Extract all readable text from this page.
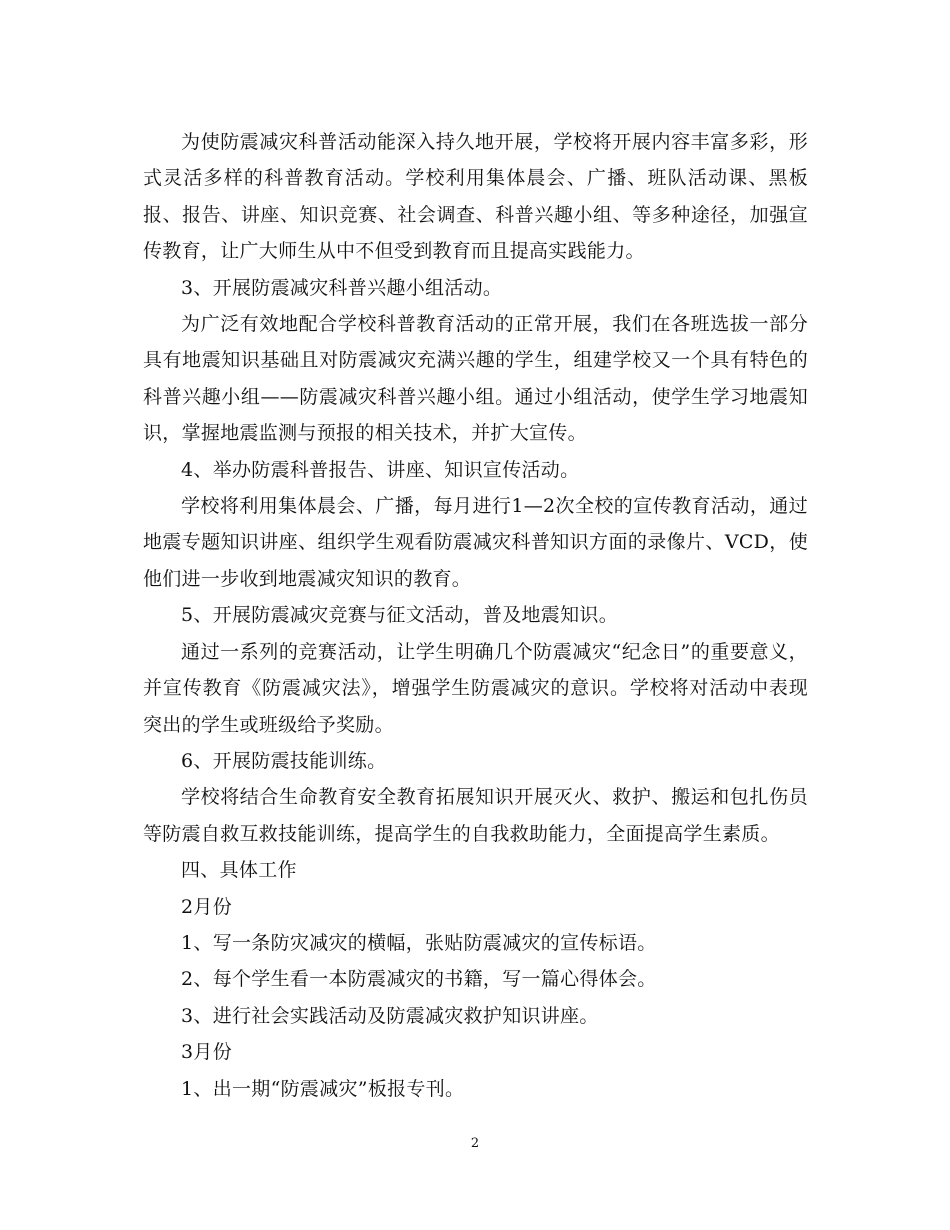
为使防震减灾科普活动能深入持久地开展，学校将开展内容丰富多彩，形式灵活多样的科普教育活动。学校利用集体晨会、广播、班队活动课、黑板报、报告、讲座、知识竞赛、社会调查、科普兴趣小组、等多种途径，加强宣传教育，让广大师生从中不但受到教育而且提高实践能力。

3、开展防震减灾科普兴趣小组活动。

为广泛有效地配合学校科普教育活动的正常开展，我们在各班选拔一部分具有地震知识基础且对防震减灾充满兴趣的学生，组建学校又一个具有特色的科普兴趣小组——防震减灾科普兴趣小组。通过小组活动，使学生学习地震知识，掌握地震监测与预报的相关技术，并扩大宣传。

4、举办防震科普报告、讲座、知识宣传活动。

学校将利用集体晨会、广播，每月进行1—2次全校的宣传教育活动，通过地震专题知识讲座、组织学生观看防震减灾科普知识方面的录像片、VCD，使他们进一步收到地震减灾知识的教育。

5、开展防震减灾竞赛与征文活动，普及地震知识。

通过一系列的竞赛活动，让学生明确几个防震减灾“纪念日”的重要意义，并宣传教育《防震减灾法》，增强学生防震减灾的意识。学校将对活动中表现突出的学生或班级给予奖励。

6、开展防震技能训练。

学校将结合生命教育安全教育拓展知识开展灭火、救护、搬运和包扎伤员等防震自救互救技能训练，提高学生的自我救助能力，全面提高学生素质。

四、具体工作

2月份

1、写一条防灾减灾的横幅，张贴防震减灾的宣传标语。

2、每个学生看一本防震减灾的书籍，写一篇心得体会。

3、进行社会实践活动及防震减灾救护知识讲座。

3月份

1、出一期“防震减灾”板报专刊。

2
